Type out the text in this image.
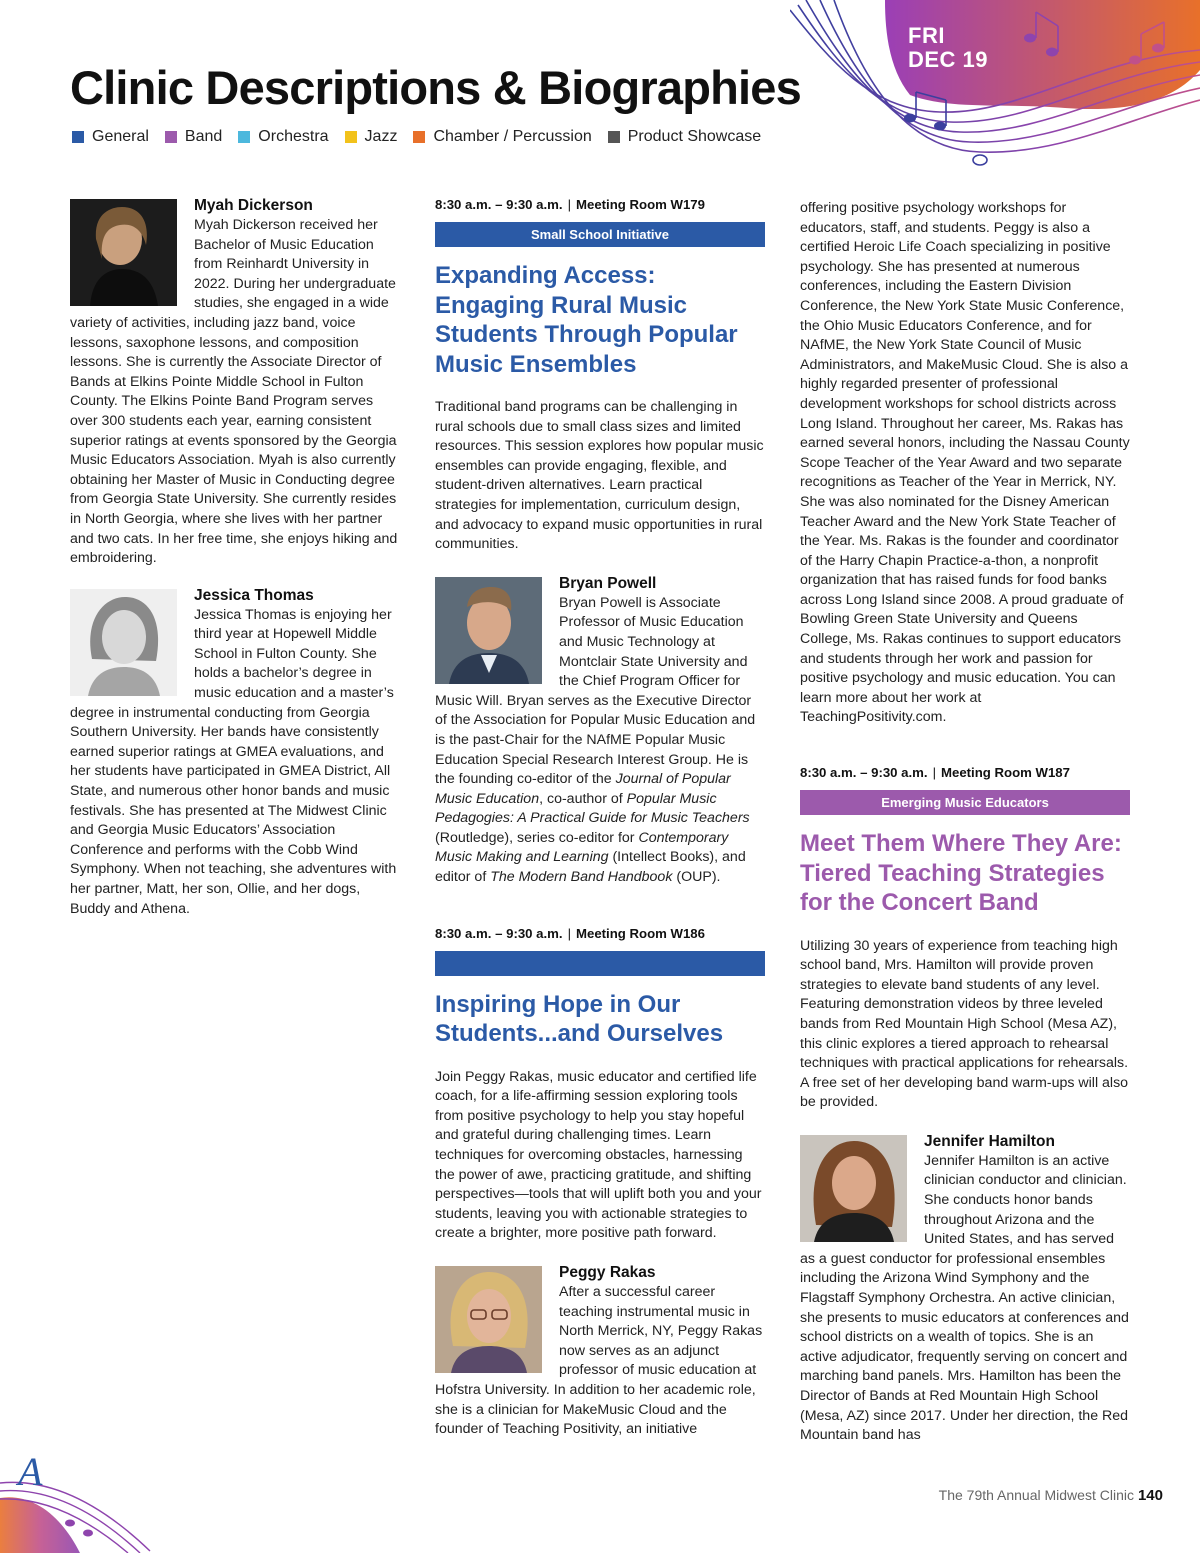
FRI
DEC 19
A
Clinic Descriptions & Biographies
General Band Orchestra Jazz Chamber / Percussion Product Showcase
Myah Dickerson

Myah Dickerson received her Bachelor of Music Education from Reinhardt University in 2022. During her undergraduate studies, she engaged in a wide variety of activities, including jazz band, voice lessons, saxophone lessons, and composition lessons. She is currently the Associate Director of Bands at Elkins Pointe Middle School in Fulton County. The Elkins Pointe Band Program serves over 300 students each year, earning consistent superior ratings at events sponsored by the Georgia Music Educators Association. Myah is also currently obtaining her Master of Music in Conducting degree from Georgia State University. She currently resides in North Georgia, where she lives with her partner and two cats. In her free time, she enjoys hiking and embroidering.

Jessica Thomas

Jessica Thomas is enjoying her third year at Hopewell Middle School in Fulton County. She holds a bachelor’s degree in music education and a master’s degree in instrumental conducting from Georgia Southern University. Her bands have consistently earned superior ratings at GMEA evaluations, and her students have participated in GMEA District, All State, and numerous other honor bands and music festivals. She has presented at The Midwest Clinic and Georgia Music Educators’ Association Conference and performs with the Cobb Wind Symphony. When not teaching, she adventures with her partner, Matt, her son, Ollie, and her dogs, Buddy and Athena.

8:30 a.m. – 9:30 a.m. | Meeting Room W179
Small School Initiative
Expanding Access: Engaging Rural Music Students Through Popular Music Ensembles

Traditional band programs can be challenging in rural schools due to small class sizes and limited resources. This session explores how popular music ensembles can provide engaging, flexible, and student-driven alternatives. Learn practical strategies for implementation, curriculum design, and advocacy to expand music opportunities in rural communities.

Bryan Powell

Bryan Powell is Associate Professor of Music Education and Music Technology at Montclair State University and the Chief Program Officer for Music Will. Bryan serves as the Executive Director of the Association for Popular Music Education and is the past-Chair for the NAfME Popular Music Education Special Research Interest Group. He is the founding co-editor of the Journal of Popular Music Education, co-author of Popular Music Pedagogies: A Practical Guide for Music Teachers (Routledge), series co-editor for Contemporary Music Making and Learning (Intellect Books), and editor of The Modern Band Handbook (OUP).

8:30 a.m. – 9:30 a.m. | Meeting Room W186
Inspiring Hope in Our Students...and Ourselves

Join Peggy Rakas, music educator and certified life coach, for a life-affirming session exploring tools from positive psychology to help you stay hopeful and grateful during challenging times. Learn techniques for overcoming obstacles, harnessing the power of awe, practicing gratitude, and shifting perspectives—tools that will uplift both you and your students, leaving you with actionable strategies to create a brighter, more positive path forward.

Peggy Rakas

After a successful career teaching instrumental music in North Merrick, NY, Peggy Rakas now serves as an adjunct professor of music education at Hofstra University. In addition to her academic role, she is a clinician for MakeMusic Cloud and the founder of Teaching Positivity, an initiative

offering positive psychology workshops for educators, staff, and students. Peggy is also a certified Heroic Life Coach specializing in positive psychology. She has presented at numerous conferences, including the Eastern Division Conference, the New York State Music Conference, the Ohio Music Educators Conference, and for NAfME, the New York State Council of Music Administrators, and MakeMusic Cloud. She is also a highly regarded presenter of professional development workshops for school districts across Long Island. Throughout her career, Ms. Rakas has earned several honors, including the Nassau County Scope Teacher of the Year Award and two separate recognitions as Teacher of the Year in Merrick, NY. She was also nominated for the Disney American Teacher Award and the New York State Teacher of the Year. Ms. Rakas is the founder and coordinator of the Harry Chapin Practice-a-thon, a nonprofit organization that has raised funds for food banks across Long Island since 2008. A proud graduate of Bowling Green State University and Queens College, Ms. Rakas continues to support educators and students through her work and passion for positive psychology and music education. You can learn more about her work at TeachingPositivity.com.

8:30 a.m. – 9:30 a.m. | Meeting Room W187
Emerging Music Educators
Meet Them Where They Are: Tiered Teaching Strategies for the Concert Band

Utilizing 30 years of experience from teaching high school band, Mrs. Hamilton will provide proven strategies to elevate band students of any level. Featuring demonstration videos by three leveled bands from Red Mountain High School (Mesa AZ), this clinic explores a tiered approach to rehearsal techniques with practical applications for rehearsals. A free set of her developing band warm-ups will also be provided.

Jennifer Hamilton

Jennifer Hamilton is an active clinician conductor and clinician. She conducts honor bands throughout Arizona and the United States, and has served as a guest conductor for professional ensembles including the Arizona Wind Symphony and the Flagstaff Symphony Orchestra. An active clinician, she presents to music educators at conferences and school districts on a wealth of topics. She is an active adjudicator, frequently serving on concert and marching band panels. Mrs. Hamilton has been the Director of Bands at Red Mountain High School (Mesa, AZ) since 2017. Under her direction, the Red Mountain band has

The 79th Annual Midwest Clinic 140
